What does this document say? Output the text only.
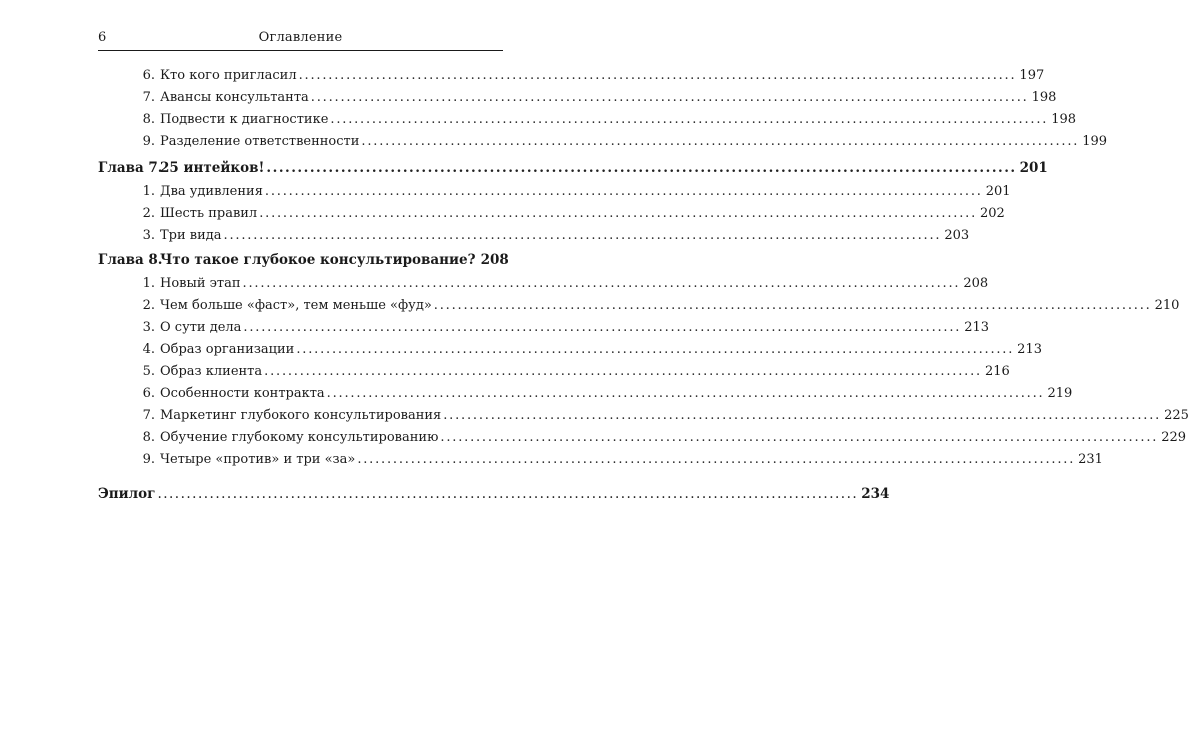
6	Оглавление
6. Кто кого пригласил ......................................................................................................................... 197
7. Авансы консультанта ......................................................................................................................... 198
8. Подвести к диагностике ......................................................................................................................... 198
9. Разделение ответственности ......................................................................................................................... 199
Глава 7.
25 интейков! ......................................................................................................................... 201
1. Два удивления ......................................................................................................................... 201
2. Шесть правил ......................................................................................................................... 202
3. Три вида ......................................................................................................................... 203
Глава 8.
Что такое глубокое консультирование? 208
1. Новый этап ......................................................................................................................... 208
2. Чем больше «фаст», тем меньше «фуд» ......................................................................................................................... 210
3. О сути дела ......................................................................................................................... 213
4. Образ организации ......................................................................................................................... 213
5. Образ клиента ......................................................................................................................... 216
6. Особенности контракта ......................................................................................................................... 219
7. Маркетинг глубокого консультирования ......................................................................................................................... 225
8. Обучение глубокому консультированию ......................................................................................................................... 229
9. Четыре «против» и три «за» ......................................................................................................................... 231
Эпилог ......................................................................................................................... 234
